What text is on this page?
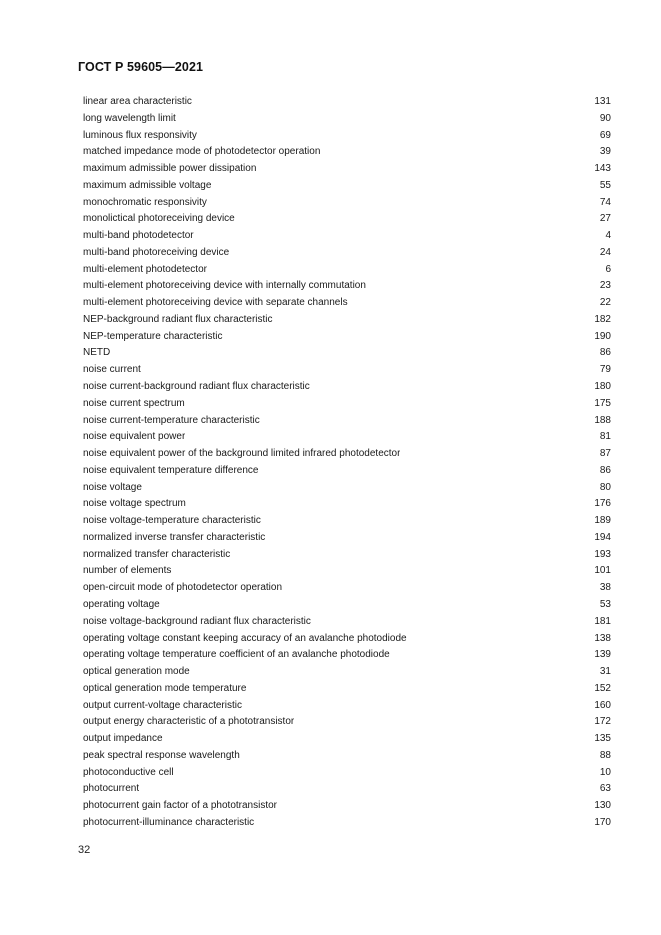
ГОСТ Р 59605—2021
linear area characteristic	131
long wavelength limit	90
luminous flux responsivity	69
matched impedance mode of photodetector operation	39
maximum admissible power dissipation	143
maximum admissible voltage	55
monochromatic responsivity	74
monolictical photoreceiving device	27
multi-band photodetector	4
multi-band photoreceiving device	24
multi-element photodetector	6
multi-element photoreceiving device with internally commutation	23
multi-element photoreceiving device with separate channels	22
NEP-background radiant flux characteristic	182
NEP-temperature characteristic	190
NETD	86
noise current	79
noise current-background radiant flux characteristic	180
noise current spectrum	175
noise current-temperature characteristic	188
noise equivalent power	81
noise equivalent power of the background limited infrared photodetector	87
noise equivalent temperature difference	86
noise voltage	80
noise voltage spectrum	176
noise voltage-temperature characteristic	189
normalized inverse transfer characteristic	194
normalized transfer characteristic	193
number of elements	101
open-circuit mode of photodetector operation	38
operating voltage	53
noise voltage-background radiant flux characteristic	181
operating voltage constant keeping accuracy of an avalanche photodiode	138
operating voltage temperature coefficient of an avalanche photodiode	139
optical generation mode	31
optical generation mode temperature	152
output current-voltage characteristic	160
output energy characteristic of a phototransistor	172
output impedance	135
peak spectral response wavelength	88
photoconductive cell	10
photocurrent	63
photocurrent gain factor of a phototransistor	130
photocurrent-illuminance characteristic	170
32
